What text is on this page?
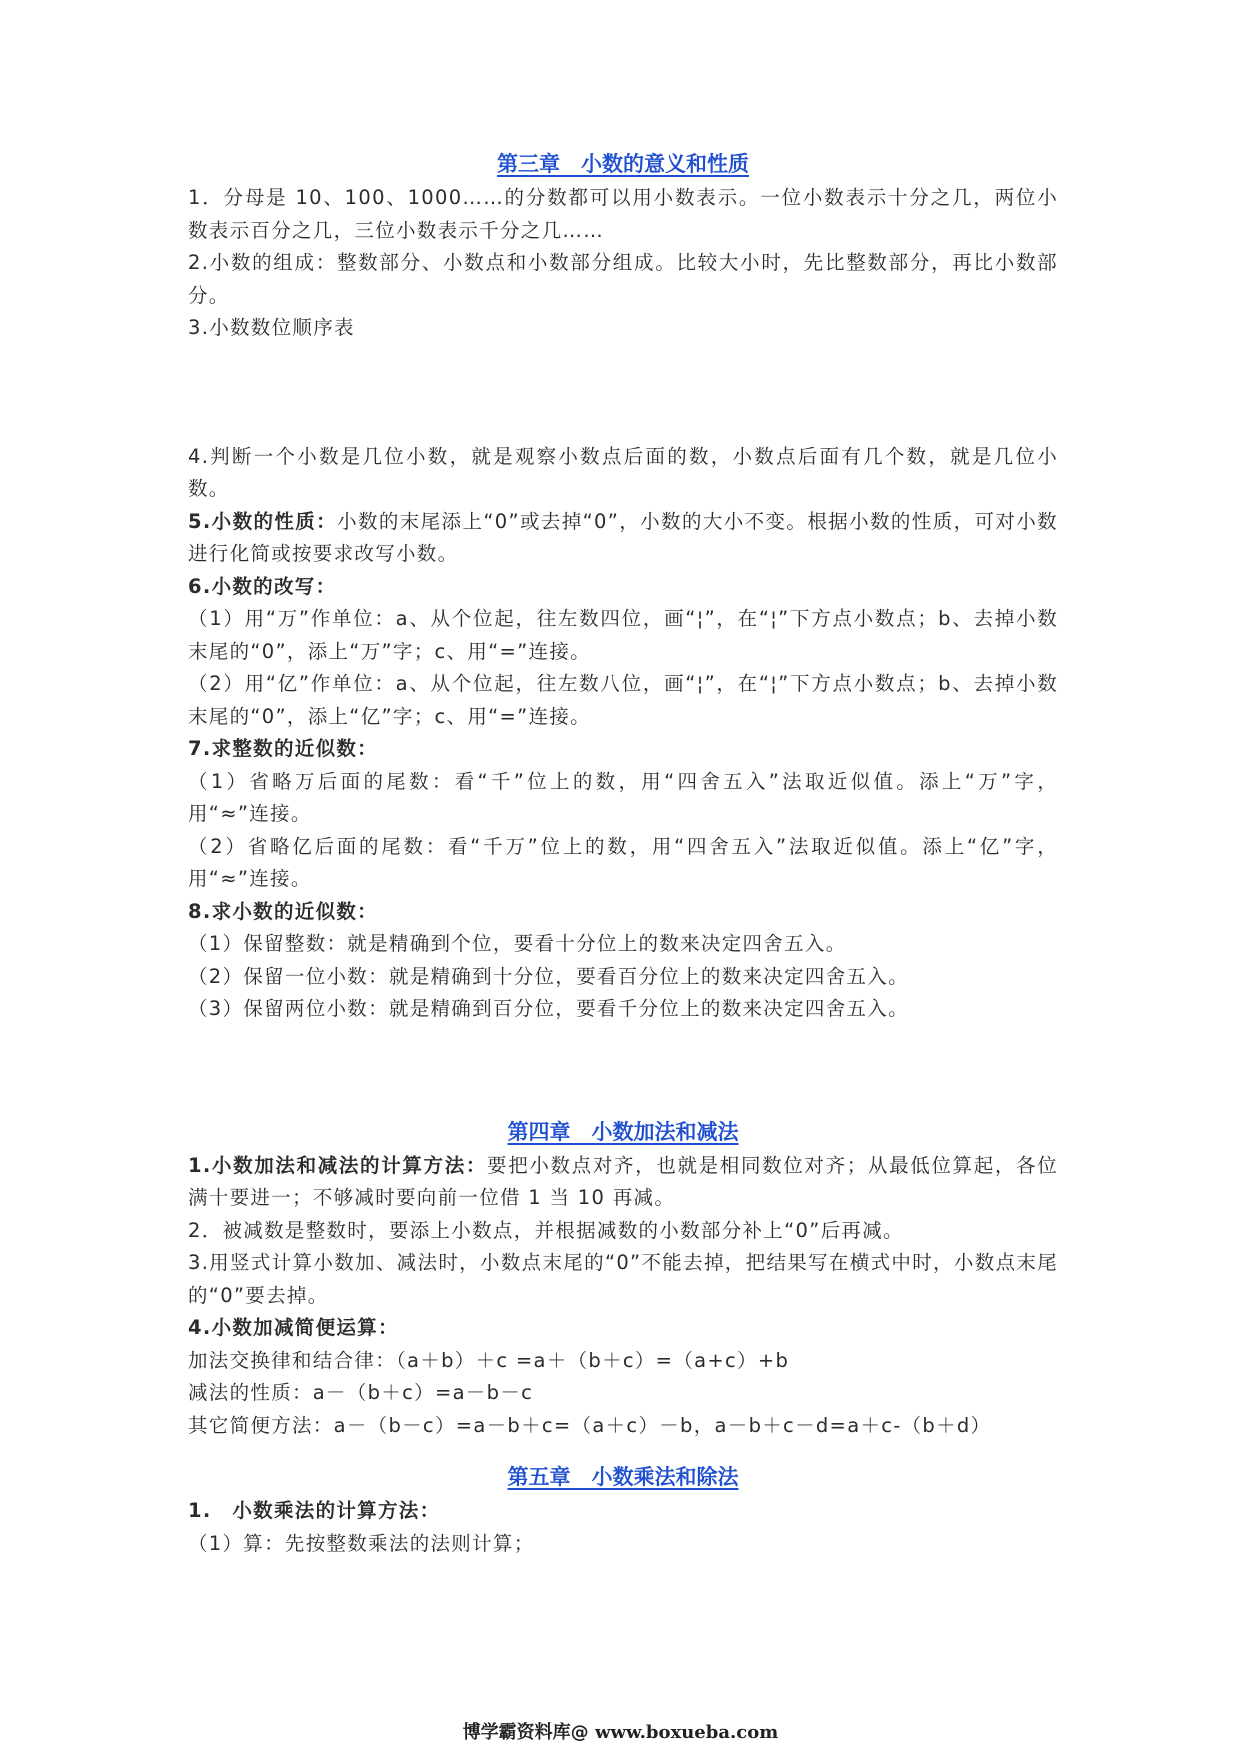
第三章　小数的意义和性质

1．分母是 10、100、1000……的分数都可以用小数表示。一位小数表示十分之几，两位小数表示百分之几，三位小数表示千分之几……

2.小数的组成：整数部分、小数点和小数部分组成。比较大小时，先比整数部分，再比小数部分。

3.小数数位顺序表

4.判断一个小数是几位小数，就是观察小数点后面的数，小数点后面有几个数，就是几位小数。

5.小数的性质：小数的末尾添上“0”或去掉“0”，小数的大小不变。根据小数的性质，可对小数进行化简或按要求改写小数。

6.小数的改写：

（1）用“万”作单位：a、从个位起，往左数四位，画“¦”，在“¦”下方点小数点；b、去掉小数末尾的“0”，添上“万”字；c、用“=”连接。

（2）用“亿”作单位：a、从个位起，往左数八位，画“¦”，在“¦”下方点小数点；b、去掉小数末尾的“0”，添上“亿”字；c、用“=”连接。

7.求整数的近似数：

（1）省略万后面的尾数：看“千”位上的数，用“四舍五入”法取近似值。添上“万”字，用“≈”连接。

（2）省略亿后面的尾数：看“千万”位上的数，用“四舍五入”法取近似值。添上“亿”字，用“≈”连接。

8.求小数的近似数：

（1）保留整数：就是精确到个位，要看十分位上的数来决定四舍五入。

（2）保留一位小数：就是精确到十分位，要看百分位上的数来决定四舍五入。

（3）保留两位小数：就是精确到百分位，要看千分位上的数来决定四舍五入。

第四章　小数加法和减法

1.小数加法和减法的计算方法：要把小数点对齐，也就是相同数位对齐；从最低位算起，各位满十要进一；不够减时要向前一位借 1 当 10 再减。

2．被减数是整数时，要添上小数点，并根据减数的小数部分补上“0”后再减。

3.用竖式计算小数加、减法时，小数点末尾的“0”不能去掉，把结果写在横式中时，小数点末尾的“0”要去掉。

4.小数加减简便运算：

加法交换律和结合律：（a＋b）＋c =a＋（b＋c）=（a+c）+b

减法的性质：a－（b＋c）=a－b－c

其它简便方法：a－（b－c）=a－b＋c=（a＋c）－b，a－b＋c－d=a＋c-（b＋d）

第五章　小数乘法和除法

1.　小数乘法的计算方法：

（1）算：先按整数乘法的法则计算；

博学霸资料库@ www.boxueba.com
